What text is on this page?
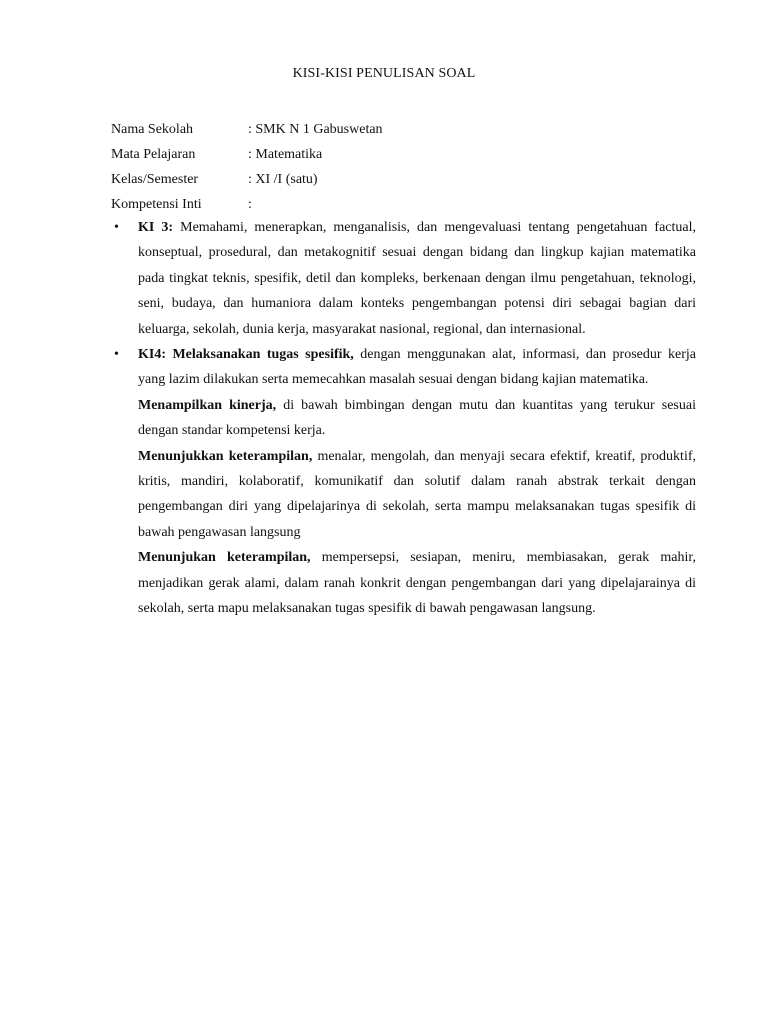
KISI-KISI PENULISAN SOAL
Nama Sekolah	: SMK N 1 Gabuswetan
Mata Pelajaran	: Matematika
Kelas/Semester	: XI /I (satu)
Kompetensi Inti	:
• KI 3: Memahami, menerapkan, menganalisis, dan mengevaluasi tentang pengetahuan factual, konseptual, prosedural, dan metakognitif sesuai dengan bidang dan lingkup kajian matematika pada tingkat teknis, spesifik, detil dan kompleks, berkenaan dengan ilmu pengetahuan, teknologi, seni, budaya, dan humaniora dalam konteks pengembangan potensi diri sebagai bagian dari keluarga, sekolah, dunia kerja, masyarakat nasional, regional, dan internasional.

• KI4: Melaksanakan tugas spesifik, dengan menggunakan alat, informasi, dan prosedur kerja yang lazim dilakukan serta memecahkan masalah sesuai dengan bidang kajian matematika.

Menampilkan kinerja, di bawah bimbingan dengan mutu dan kuantitas yang terukur sesuai dengan standar kompetensi kerja.

Menunjukkan keterampilan, menalar, mengolah, dan menyaji secara efektif, kreatif, produktif, kritis, mandiri, kolaboratif, komunikatif dan solutif dalam ranah abstrak terkait dengan pengembangan diri yang dipelajarinya di sekolah, serta mampu melaksanakan tugas spesifik di bawah pengawasan langsung

Menunjukan keterampilan, mempersepsi, sesiapan, meniru, membiasakan, gerak mahir, menjadikan gerak alami, dalam ranah konkrit dengan pengembangan dari yang dipelajarainya di sekolah, serta mapu melaksanakan tugas spesifik di bawah pengawasan langsung.
